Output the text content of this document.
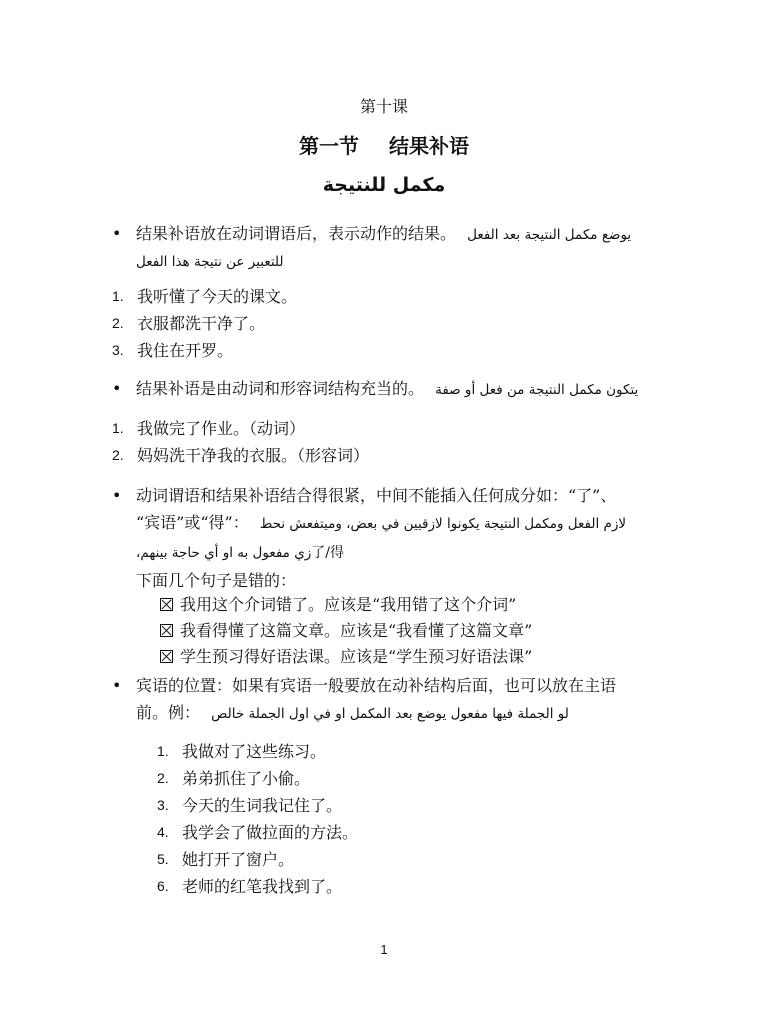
第十课
第一节 结果补语
مكمل للنتيجة
• 结果补语放在动词谓语后，表示动作的结果。 يوضع مكمل النتيجة بعد الفعل
للتعبير عن نتيجة هذا الفعل
1. 我听懂了今天的课文。
2. 衣服都洗干净了。
3. 我住在开罗。
• 结果补语是由动词和形容词结构充当的。 يتكون مكمل النتيجة من فعل أو صفة
1. 我做完了作业。（动词）
2. 妈妈洗干净我的衣服。（形容词）
• 动词谓语和结果补语结合得很紧，中间不能插入任何成分如：“了”、
“宾语”或“得”： لازم الفعل ومكمل النتيجة يكونوا لازقيين في بعض، وميتفعش نحط
زي مفعول به او أي حاجة بينهم،了/得
下面几个句子是错的：
我用这个介词错了。应该是“我用错了这个介词”
我看得懂了这篇文章。应该是“我看懂了这篇文章”
学生预习得好语法课。应该是“学生预习好语法课”
• 宾语的位置：如果有宾语一般要放在动补结构后面，也可以放在主语
前。例： لو الجملة فيها مفعول يوضع بعد المكمل او في اول الجملة خالص
1. 我做对了这些练习。
2. 弟弟抓住了小偷。
3. 今天的生词我记住了。
4. 我学会了做拉面的方法。
5. 她打开了窗户。
6. 老师的红笔我找到了。
1
